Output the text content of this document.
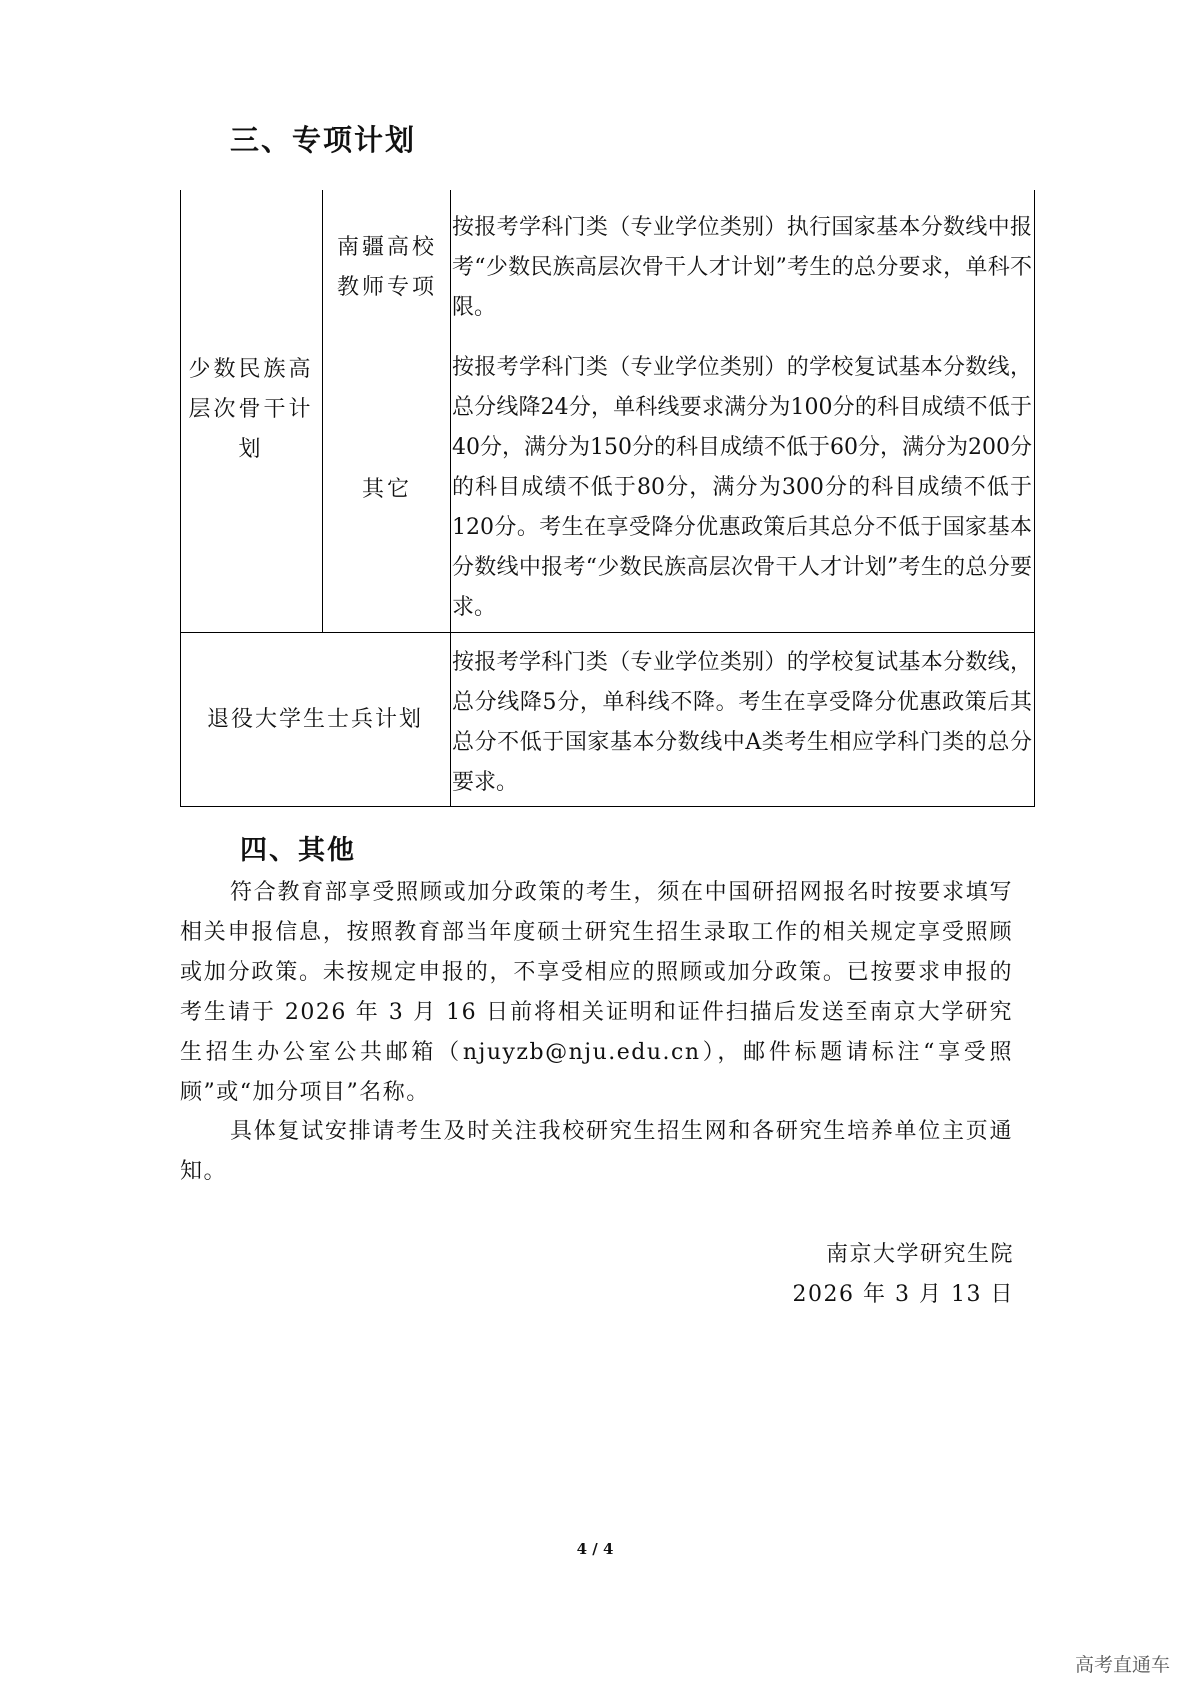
三、专项计划
少数民族高层次骨干计划
南疆高校教师专项
其它
退役大学生士兵计划
按报考学科门类（专业学位类别）执行国家基本分数线中报考“少数民族高层次骨干人才计划”考生的总分要求，单科不限。
按报考学科门类（专业学位类别）的学校复试基本分数线，总分线降24分，单科线要求满分为100分的科目成绩不低于40分，满分为150分的科目成绩不低于60分，满分为200分的科目成绩不低于80分，满分为300分的科目成绩不低于120分。考生在享受降分优惠政策后其总分不低于国家基本分数线中报考“少数民族高层次骨干人才计划”考生的总分要求。
按报考学科门类（专业学位类别）的学校复试基本分数线，总分线降5分，单科线不降。考生在享受降分优惠政策后其总分不低于国家基本分数线中A类考生相应学科门类的总分要求。
四、其他
符合教育部享受照顾或加分政策的考生，须在中国研招网报名时按要求填写相关申报信息，按照教育部当年度硕士研究生招生录取工作的相关规定享受照顾或加分政策。未按规定申报的，不享受相应的照顾或加分政策。已按要求申报的考生请于 2026 年 3 月 16 日前将相关证明和证件扫描后发送至南京大学研究生招生办公室公共邮箱（njuyzb@nju.edu.cn），邮件标题请标注“享受照顾”或“加分项目”名称。
具体复试安排请考生及时关注我校研究生招生网和各研究生培养单位主页通知。
南京大学研究生院
2026 年 3 月 13 日
4 / 4
高考直通车
